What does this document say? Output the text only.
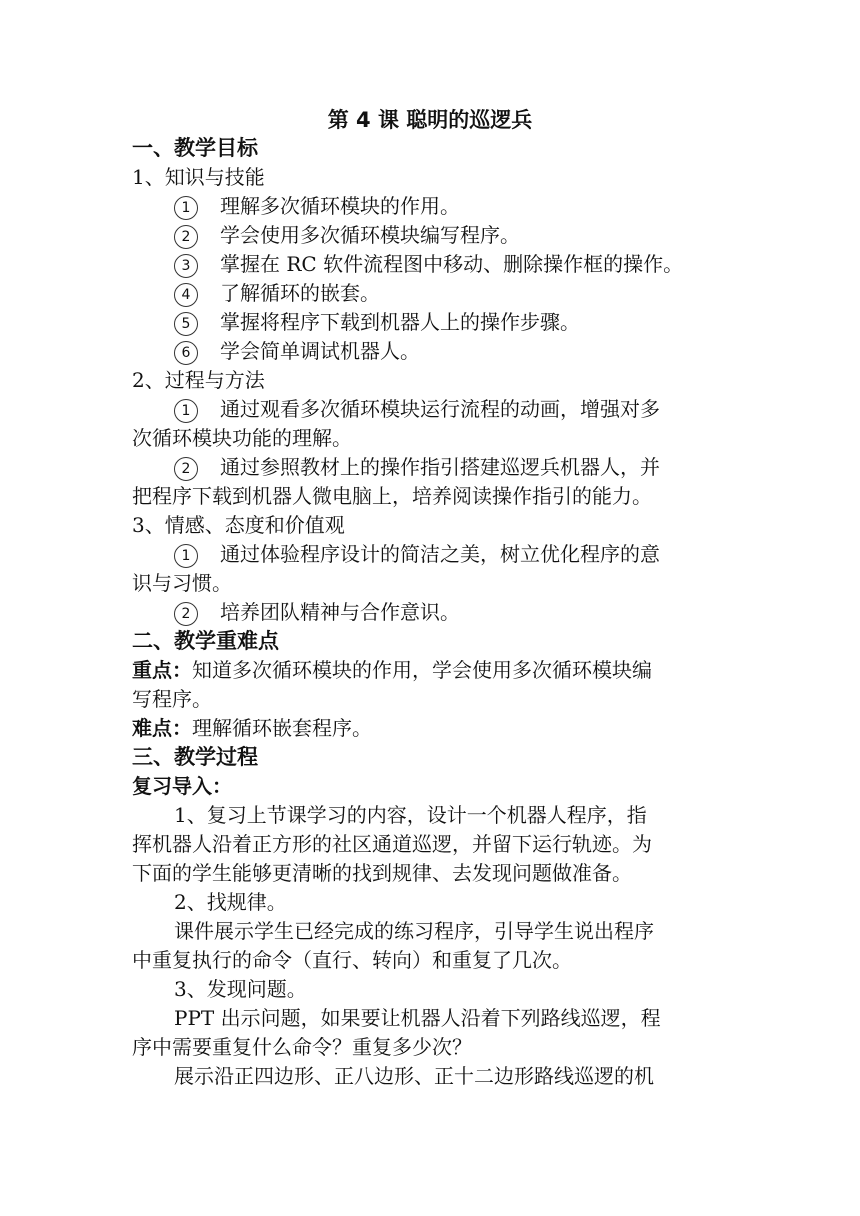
第 4 课 聪明的巡逻兵
一、教学目标
1、知识与技能
1 理解多次循环模块的作用。
2 学会使用多次循环模块编写程序。
3 掌握在 RC 软件流程图中移动、删除操作框的操作。
4 了解循环的嵌套。
5 掌握将程序下载到机器人上的操作步骤。
6 学会简单调试机器人。
2、过程与方法
1 通过观看多次循环模块运行流程的动画，增强对多
次循环模块功能的理解。
2 通过参照教材上的操作指引搭建巡逻兵机器人，并
把程序下载到机器人微电脑上，培养阅读操作指引的能力。
3、情感、态度和价值观
1 通过体验程序设计的简洁之美，树立优化程序的意
识与习惯。
2 培养团队精神与合作意识。
二、教学重难点
重点：知道多次循环模块的作用，学会使用多次循环模块编
写程序。
难点：理解循环嵌套程序。
三、教学过程
复习导入：
1、复习上节课学习的内容，设计一个机器人程序，指
挥机器人沿着正方形的社区通道巡逻，并留下运行轨迹。为
下面的学生能够更清晰的找到规律、去发现问题做准备。
2、找规律。
课件展示学生已经完成的练习程序，引导学生说出程序
中重复执行的命令（直行、转向）和重复了几次。
3、发现问题。
PPT 出示问题，如果要让机器人沿着下列路线巡逻，程
序中需要重复什么命令？重复多少次？
展示沿正四边形、正八边形、正十二边形路线巡逻的机
